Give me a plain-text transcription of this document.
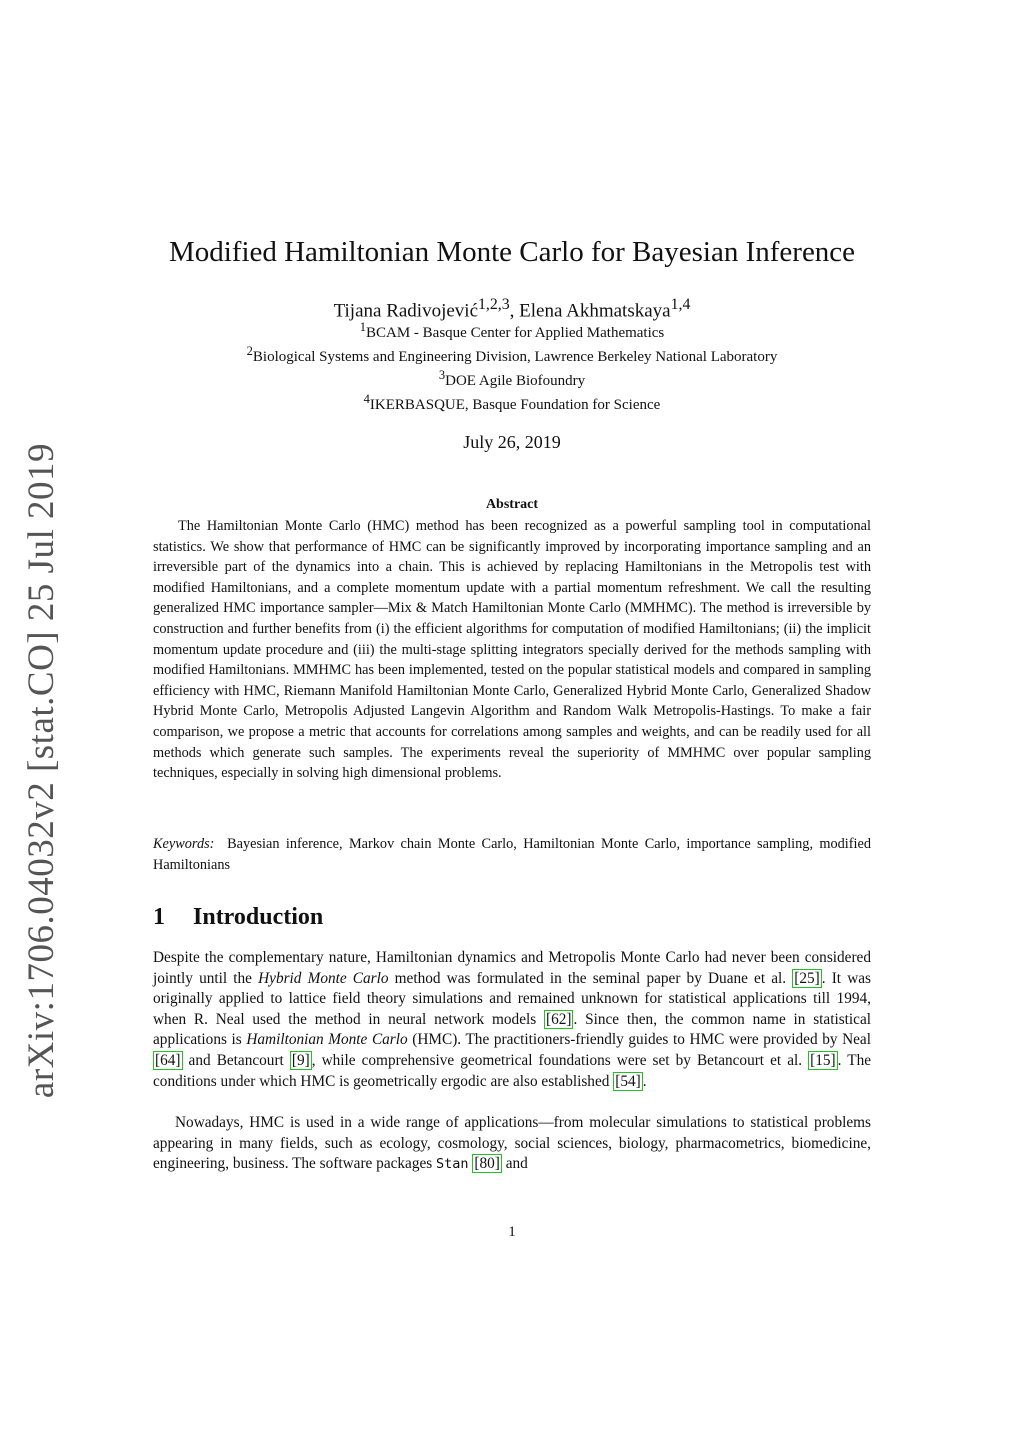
arXiv:1706.04032v2 [stat.CO] 25 Jul 2019
Modified Hamiltonian Monte Carlo for Bayesian Inference
Tijana Radivojević$^{1,2,3}$, Elena Akhmatskaya$^{1,4}$
$^1$BCAM - Basque Center for Applied Mathematics
$^2$Biological Systems and Engineering Division, Lawrence Berkeley National Laboratory
$^3$DOE Agile Biofoundry
$^4$IKERBASQUE, Basque Foundation for Science
July 26, 2019
Abstract

The Hamiltonian Monte Carlo (HMC) method has been recognized as a powerful sampling tool in computational statistics. We show that performance of HMC can be significantly improved by incorporating importance sampling and an irreversible part of the dynamics into a chain. This is achieved by replacing Hamiltonians in the Metropolis test with modified Hamiltonians, and a complete momentum update with a partial momentum refreshment. We call the resulting generalized HMC importance sampler—Mix & Match Hamiltonian Monte Carlo (MMHMC). The method is irreversible by construction and further benefits from (i) the efficient algorithms for computation of modified Hamiltonians; (ii) the implicit momentum update procedure and (iii) the multi-stage splitting integrators specially derived for the methods sampling with modified Hamiltonians. MMHMC has been implemented, tested on the popular statistical models and compared in sampling efficiency with HMC, Riemann Manifold Hamiltonian Monte Carlo, Generalized Hybrid Monte Carlo, Generalized Shadow Hybrid Monte Carlo, Metropolis Adjusted Langevin Algorithm and Random Walk Metropolis-Hastings. To make a fair comparison, we propose a metric that accounts for correlations among samples and weights, and can be readily used for all methods which generate such samples. The experiments reveal the superiority of MMHMC over popular sampling techniques, especially in solving high dimensional problems.

Keywords: Bayesian inference, Markov chain Monte Carlo, Hamiltonian Monte Carlo, importance sampling, modified Hamiltonians

1 Introduction

Despite the complementary nature, Hamiltonian dynamics and Metropolis Monte Carlo had never been considered jointly until the Hybrid Monte Carlo method was formulated in the seminal paper by Duane et al. [25] . It was originally applied to lattice field theory simulations and remained unknown for statistical applications till 1994, when R. Neal used the method in neural network models [62] . Since then, the common name in statistical applications is Hamiltonian Monte Carlo (HMC). The practitioners-friendly guides to HMC were provided by Neal [64] and Betancourt [9] , while comprehensive geometrical foundations were set by Betancourt et al. [15] . The conditions under which HMC is geometrically ergodic are also established [54] .

Nowadays, HMC is used in a wide range of applications—from molecular simulations to statistical problems appearing in many fields, such as ecology, cosmology, social sciences, biology, pharmacometrics, biomedicine, engineering, business. The software packages Stan [80] and

1
